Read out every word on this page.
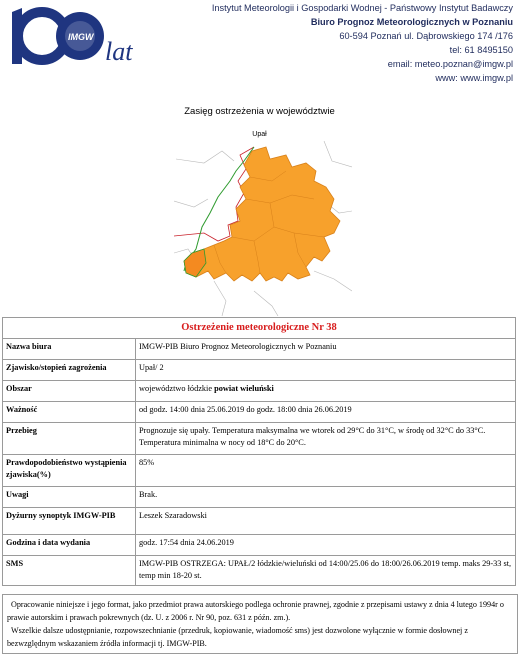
IMGW lat
Instytut Meteorologii i Gospodarki Wodnej - Państwowy Instytut Badawczy
Biuro Prognoz Meteorologicznych w Poznaniu
60-594 Poznań ul. Dąbrowskiego 174 /176
tel: 61 8495150
email: meteo.poznan@imgw.pl
www: www.imgw.pl
Zasięg ostrzeżenia w województwie
Upał
Ostrzeżenie meteorologiczne Nr 38	
Nazwa biura	IMGW-PIB Biuro Prognoz Meteorologicznych w Poznaniu
Zjawisko/stopień zagrożenia	Upał/ 2
Obszar	województwo łódzkie powiat wieluński
Ważność	od godz. 14:00 dnia 25.06.2019 do godz. 18:00 dnia 26.06.2019
Przebieg	Prognozuje się upały. Temperatura maksymalna we wtorek od 29°C do 31°C, w środę od 32°C do 33°C. Temperatura minimalna w nocy od 18°C do 20°C.
Prawdopodobieństwo wystąpienia zjawiska(%)	85%
Uwagi	Brak.
Dyżurny synoptyk IMGW-PIB	Leszek Szaradowski
Godzina i data wydania	godz. 17:54 dnia 24.06.2019
SMS	IMGW-PIB OSTRZEGA: UPAŁ/2 łódzkie/wieluński od 14:00/25.06 do 18:00/26.06.2019 temp. maks 29-33 st, temp min 18-20 st.
Opracowanie niniejsze i jego format, jako przedmiot prawa autorskiego podlega ochronie prawnej, zgodnie z przepisami ustawy z dnia 4 lutego 1994r o prawie autorskim i prawach pokrewnych (dz. U. z 2006 r. Nr 90, poz. 631 z późn. zm.).
Wszelkie dalsze udostępnianie, rozpowszechnianie (przedruk, kopiowanie, wiadomość sms) jest dozwolone wyłącznie w formie dosłownej z bezwzględnym wskazaniem źródła informacji tj. IMGW-PIB.
